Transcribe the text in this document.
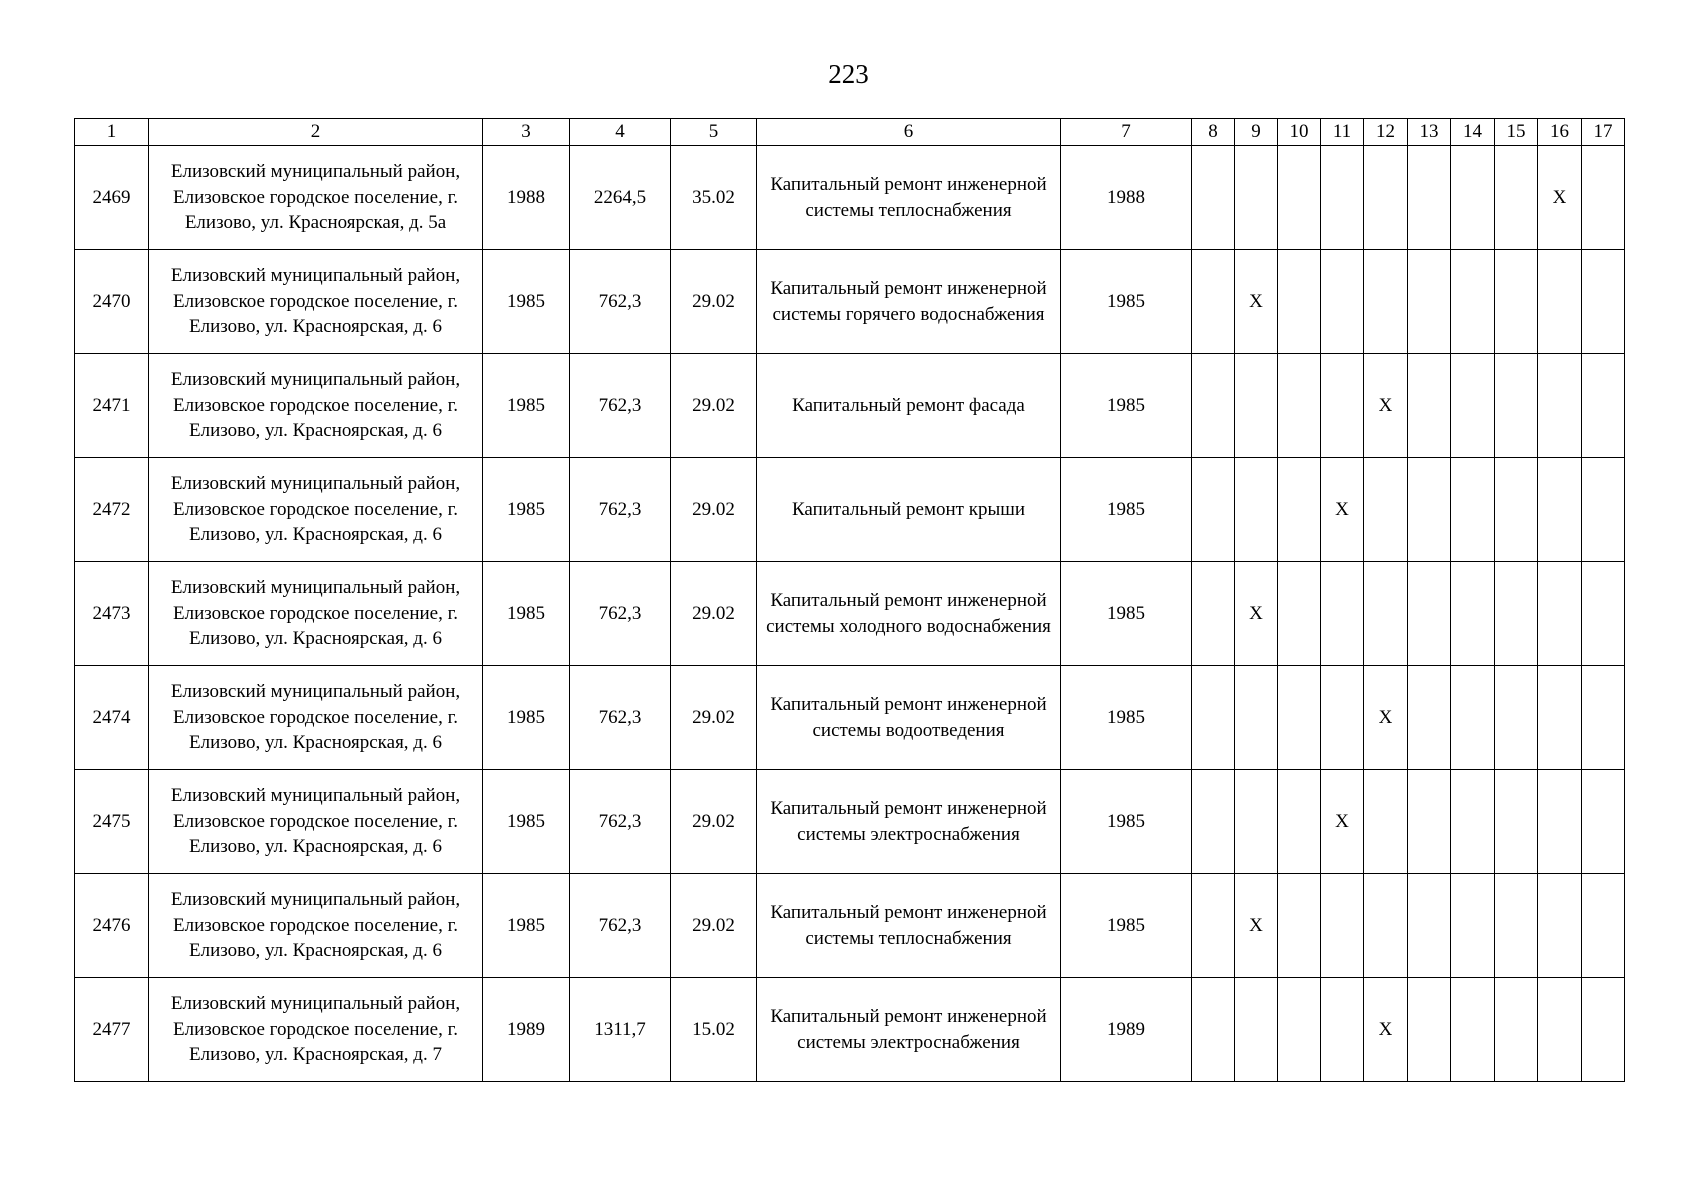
223
1	2	3	4	5	6	7	8	9	10	11	12	13	14	15	16	17
2469	Елизовский муниципальный район, Елизовское городское поселение, г. Елизово, ул. Красноярская, д. 5а	1988	2264,5	35.02	Капитальный ремонт инженерной системы теплоснабжения	1988									X	
2470	Елизовский муниципальный район, Елизовское городское поселение, г. Елизово, ул. Красноярская, д. 6	1985	762,3	29.02	Капитальный ремонт инженерной системы горячего водоснабжения	1985		X								
2471	Елизовский муниципальный район, Елизовское городское поселение, г. Елизово, ул. Красноярская, д. 6	1985	762,3	29.02	Капитальный ремонт фасада	1985					X					
2472	Елизовский муниципальный район, Елизовское городское поселение, г. Елизово, ул. Красноярская, д. 6	1985	762,3	29.02	Капитальный ремонт крыши	1985				X						
2473	Елизовский муниципальный район, Елизовское городское поселение, г. Елизово, ул. Красноярская, д. 6	1985	762,3	29.02	Капитальный ремонт инженерной системы холодного водоснабжения	1985		X								
2474	Елизовский муниципальный район, Елизовское городское поселение, г. Елизово, ул. Красноярская, д. 6	1985	762,3	29.02	Капитальный ремонт инженерной системы водоотведения	1985					X					
2475	Елизовский муниципальный район, Елизовское городское поселение, г. Елизово, ул. Красноярская, д. 6	1985	762,3	29.02	Капитальный ремонт инженерной системы электроснабжения	1985				X						
2476	Елизовский муниципальный район, Елизовское городское поселение, г. Елизово, ул. Красноярская, д. 6	1985	762,3	29.02	Капитальный ремонт инженерной системы теплоснабжения	1985		X								
2477	Елизовский муниципальный район, Елизовское городское поселение, г. Елизово, ул. Красноярская, д. 7	1989	1311,7	15.02	Капитальный ремонт инженерной системы электроснабжения	1989					X					
